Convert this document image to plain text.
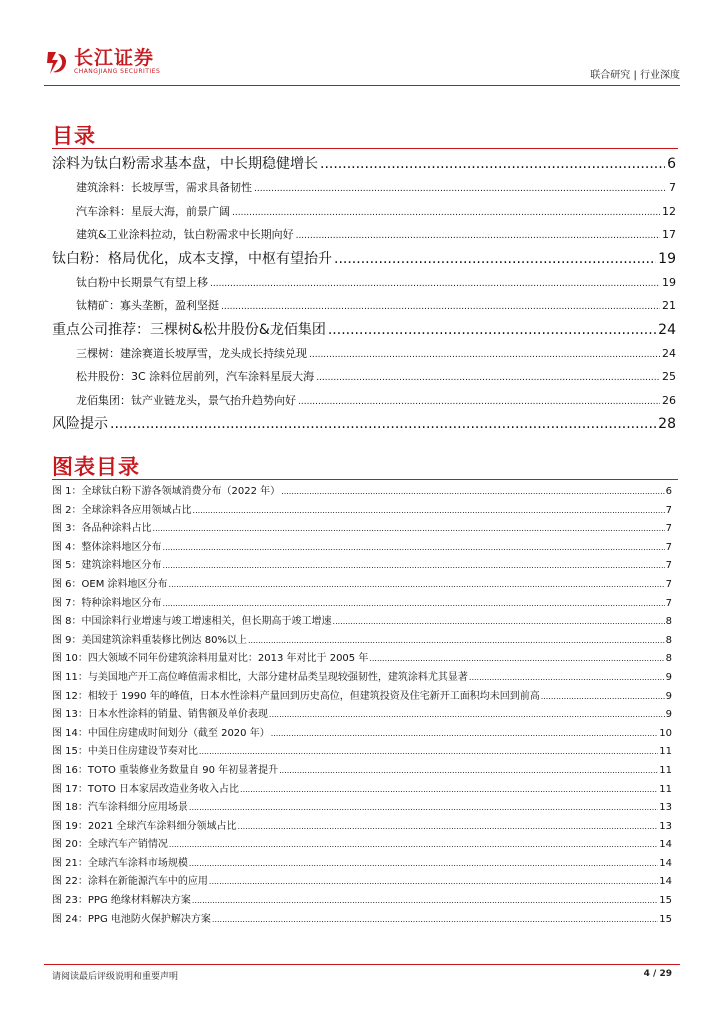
长江证券
CHANGJIANG SECURITIES	联合研究 | 行业深度
目录
涂料为钛白粉需求基本盘，中长期稳健增长 .....	6
建筑涂料：长坡厚雪，需求具备韧性 .....	7
汽车涂料：星辰大海，前景广阔 .....	12
建筑&工业涂料拉动，钛白粉需求中长期向好 .....	17
钛白粉：格局优化，成本支撑，中枢有望抬升 .....	19
钛白粉中长期景气有望上移 .....	19
钛精矿：寡头垄断，盈利坚挺 .....	21
重点公司推荐：三棵树&松井股份&龙佰集团 .....	24
三棵树：建涂赛道长坡厚雪，龙头成长持续兑现 .....	24
松井股份：3C 涂料位居前列，汽车涂料星辰大海 .....	25
龙佰集团：钛产业链龙头，景气抬升趋势向好 .....	26
风险提示 .....	28
图表目录
图 1：全球钛白粉下游各领域消费分布（2022 年） .....	6
图 2：全球涂料各应用领域占比 .....	7
图 3：各品种涂料占比 .....	7
图 4：整体涂料地区分布 .....	7
图 5：建筑涂料地区分布 .....	7
图 6：OEM 涂料地区分布 .....	7
图 7：特种涂料地区分布 .....	7
图 8：中国涂料行业增速与竣工增速相关，但长期高于竣工增速 .....	8
图 9：美国建筑涂料重装修比例达 80%以上 .....	8
图 10：四大领域不同年份建筑涂料用量对比：2013 年对比于 2005 年 .....	8
图 11：与美国地产开工高位峰值需求相比，大部分建材品类呈现较强韧性，建筑涂料尤其显著 .....	9
图 12：相较于 1990 年的峰值，日本水性涂料产量回到历史高位，但建筑投资及住宅新开工面积均未回到前高 .....	9
图 13：日本水性涂料的销量、销售额及单价表现 .....	9
图 14：中国住房建成时间划分（截至 2020 年） .....	10
图 15：中美日住房建设节奏对比 .....	11
图 16：TOTO 重装修业务数量自 90 年初显著提升 .....	11
图 17：TOTO 日本家居改造业务收入占比 .....	11
图 18：汽车涂料细分应用场景 .....	13
图 19：2021 全球汽车涂料细分领域占比 .....	13
图 20：全球汽车产销情况 .....	14
图 21：全球汽车涂料市场规模 .....	14
图 22：涂料在新能源汽车中的应用 .....	14
图 23：PPG 绝缘材料解决方案 .....	15
图 24：PPG 电池防火保护解决方案 .....	15
请阅读最后评级说明和重要声明	4 / 29
